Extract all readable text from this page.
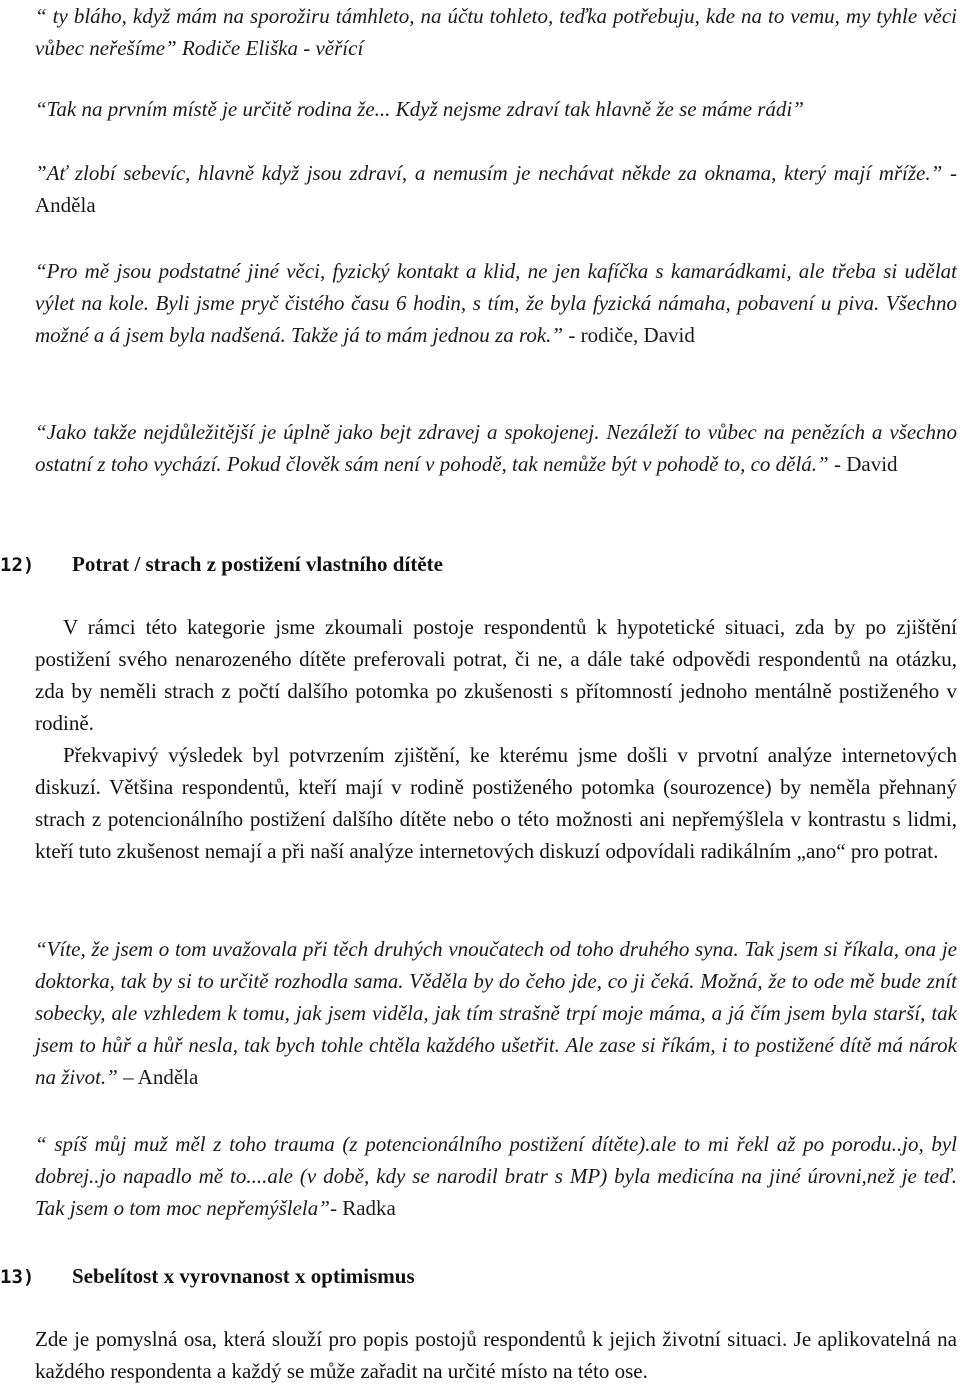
“ ty bláho, když mám na sporožiru támhleto, na účtu tohleto, teďka potřebuju, kde na to vemu, my tyhle věci vůbec neřešíme” Rodiče Eliška - věřící

“Tak na prvním místě je určitě rodina že... Když nejsme zdraví tak hlavně že se máme rádi”

”Ať zlobí sebevíc, hlavně když jsou zdraví, a nemusím je nechávat někde za oknama, který mají mříže.” - Anděla

“Pro mě jsou podstatné jiné věci, fyzický kontakt a klid, ne jen kafíčka s kamarádkami, ale třeba si udělat výlet na kole. Byli jsme pryč čistého času 6 hodin, s tím, že byla fyzická námaha, pobavení u piva. Všechno možné a á jsem byla nadšená. Takže já to mám jednou za rok.” - rodiče, David

“Jako takže nejdůležitější je úplně jako bejt zdravej a spokojenej. Nezáleží to vůbec na penězích a všechno ostatní z toho vychází. Pokud člověk sám není v pohodě, tak nemůže být v pohodě to, co dělá.” - David

12) Potrat / strach z postižení vlastního dítěte

V rámci této kategorie jsme zkoumali postoje respondentů k hypotetické situaci, zda by po zjištění postižení svého nenarozeného dítěte preferovali potrat, či ne, a dále také odpovědi respondentů na otázku, zda by neměli strach z počtí dalšího potomka po zkušenosti s přítomností jednoho mentálně postiženého v rodině.

Překvapivý výsledek byl potvrzením zjištění, ke kterému jsme došli v prvotní analýze internetových diskuzí. Většina respondentů, kteří mají v rodině postiženého potomka (sourozence) by neměla přehnaný strach z potencionálního postižení dalšího dítěte nebo o této možnosti ani nepřemýšlela v kontrastu s lidmi, kteří tuto zkušenost nemají a při naší analýze internetových diskuzí odpovídali radikálním „ano“ pro potrat.

“Víte, že jsem o tom uvažovala při těch druhých vnoučatech od toho druhého syna. Tak jsem si říkala, ona je doktorka, tak by si to určitě rozhodla sama. Věděla by do čeho jde, co ji čeká. Možná, že to ode mě bude znít sobecky, ale vzhledem k tomu, jak jsem viděla, jak tím strašně trpí moje máma, a já čím jsem byla starší, tak jsem to hůř a hůř nesla, tak bych tohle chtěla každého ušetřit. Ale zase si říkám, i to postižené dítě má nárok na život.” – Anděla

“ spíš můj muž měl z toho trauma (z potencionálního postižení dítěte).ale to mi řekl až po porodu..jo, byl dobrej..jo napadlo mě to....ale (v době, kdy se narodil bratr s MP) byla medicína na jiné úrovni,než je teď. Tak jsem o tom moc nepřemýšlela”- Radka

13) Sebelítost x vyrovnanost x optimismus

Zde je pomyslná osa, která slouží pro popis postojů respondentů k jejich životní situaci. Je aplikovatelná na každého respondenta a každý se může zařadit na určité místo na této ose.
